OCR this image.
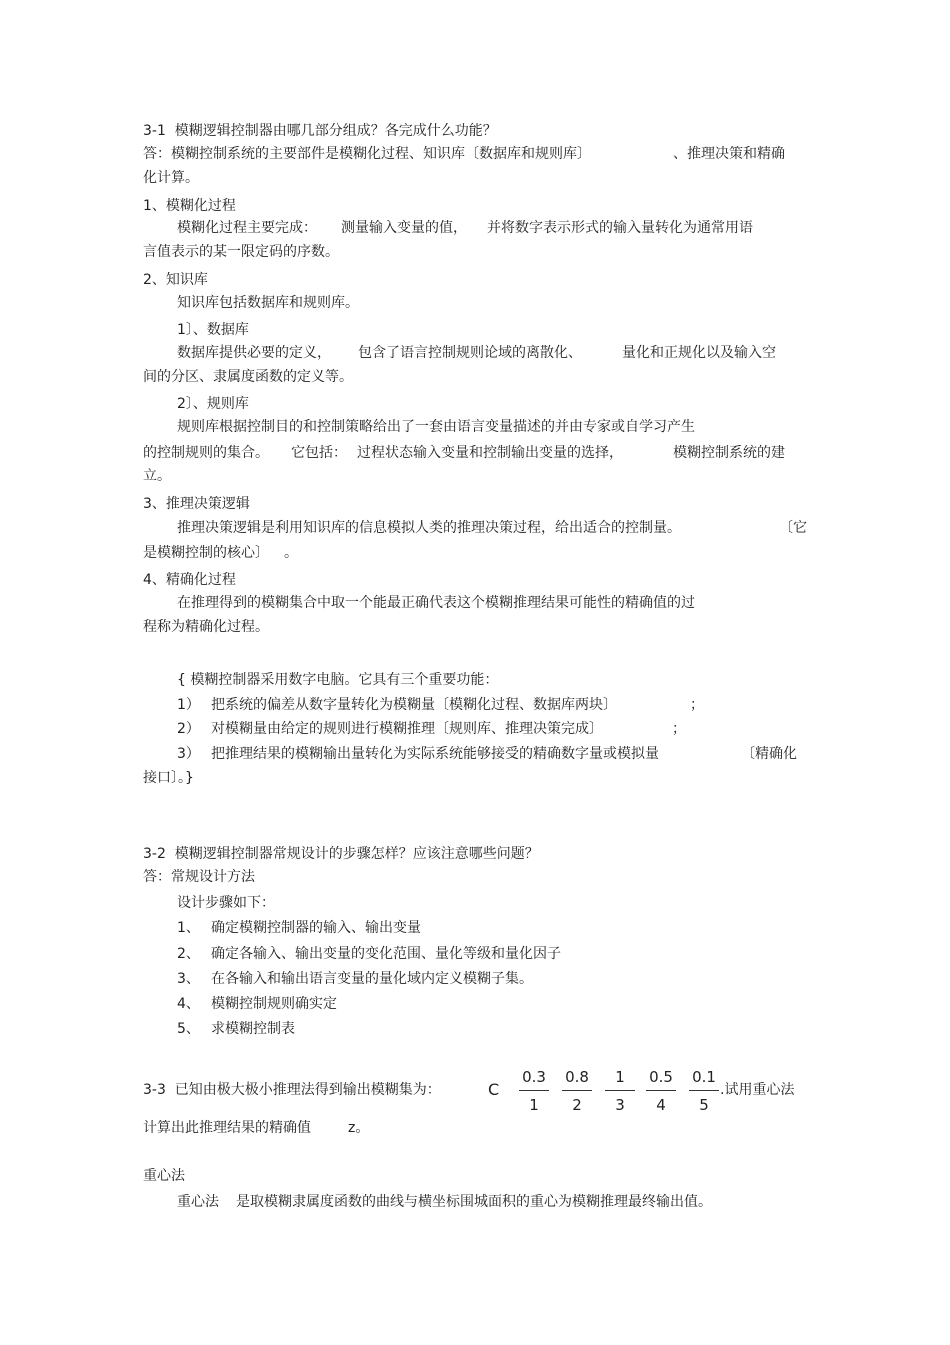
3-1  模糊逻辑控制器由哪几部分组成？各完成什么功能？
答：模糊控制系统的主要部件是模糊化过程、知识库〔数据库和规则库〕	、推理决策和精确
化计算。
1、模糊化过程
模糊化过程主要完成： 测量输入变量的值， 并将数字表示形式的输入量转化为通常用语
言值表示的某一限定码的序数。
2、知识库
知识库包括数据库和规则库。
1〕、数据库
数据库提供必要的定义， 包含了语言控制规则论域的离散化、	量化和正规化以及输入空
间的分区、隶属度函数的定义等。
2〕、规则库
规则库根据控制目的和控制策略给出了一套由语言变量描述的并由专家或自学习产生
的控制规则的集合。 它包括： 过程状态输入变量和控制输出变量的选择，	模糊控制系统的建
立。
3、推理决策逻辑
推理决策逻辑是利用知识库的信息模拟人类的推理决策过程，给出适合的控制量。	〔它
是模糊控制的核心〕 。
4、精确化过程
在推理得到的模糊集合中取一个能最正确代表这个模糊推理结果可能性的精确值的过
程称为精确化过程。
{ 模糊控制器采用数字电脑。它具有三个重要功能：
1） 把系统的偏差从数字量转化为模糊量〔模糊化过程、数据库两块〕	；
2） 对模糊量由给定的规则进行模糊推理〔规则库、推理决策完成〕	；
3） 把推理结果的模糊输出量转化为实际系统能够接受的精确数字量或模拟量	〔精确化
接口〕。}
3-2  模糊逻辑控制器常规设计的步骤怎样？应该注意哪些问题？
答：常规设计方法
设计步骤如下：
1、 确定模糊控制器的输入、输出变量
2、 确定各输入、输出变量的变化范围、量化等级和量化因子
3、 在各输入和输出语言变量的量化域内定义模糊子集。
4、 模糊控制规则确实定
5、 求模糊控制表
3-3  已知由极大极小推理法得到输出模糊集为：	C $\frac{0.3}{1} \frac{0.8}{2} \frac{1}{3} \frac{0.5}{4} \frac{0.1}{5}$ .试用重心法
计算出此推理结果的精确值	z。
重心法
重心法 是取模糊隶属度函数的曲线与横坐标围城面积的重心为模糊推理最终输出值。
